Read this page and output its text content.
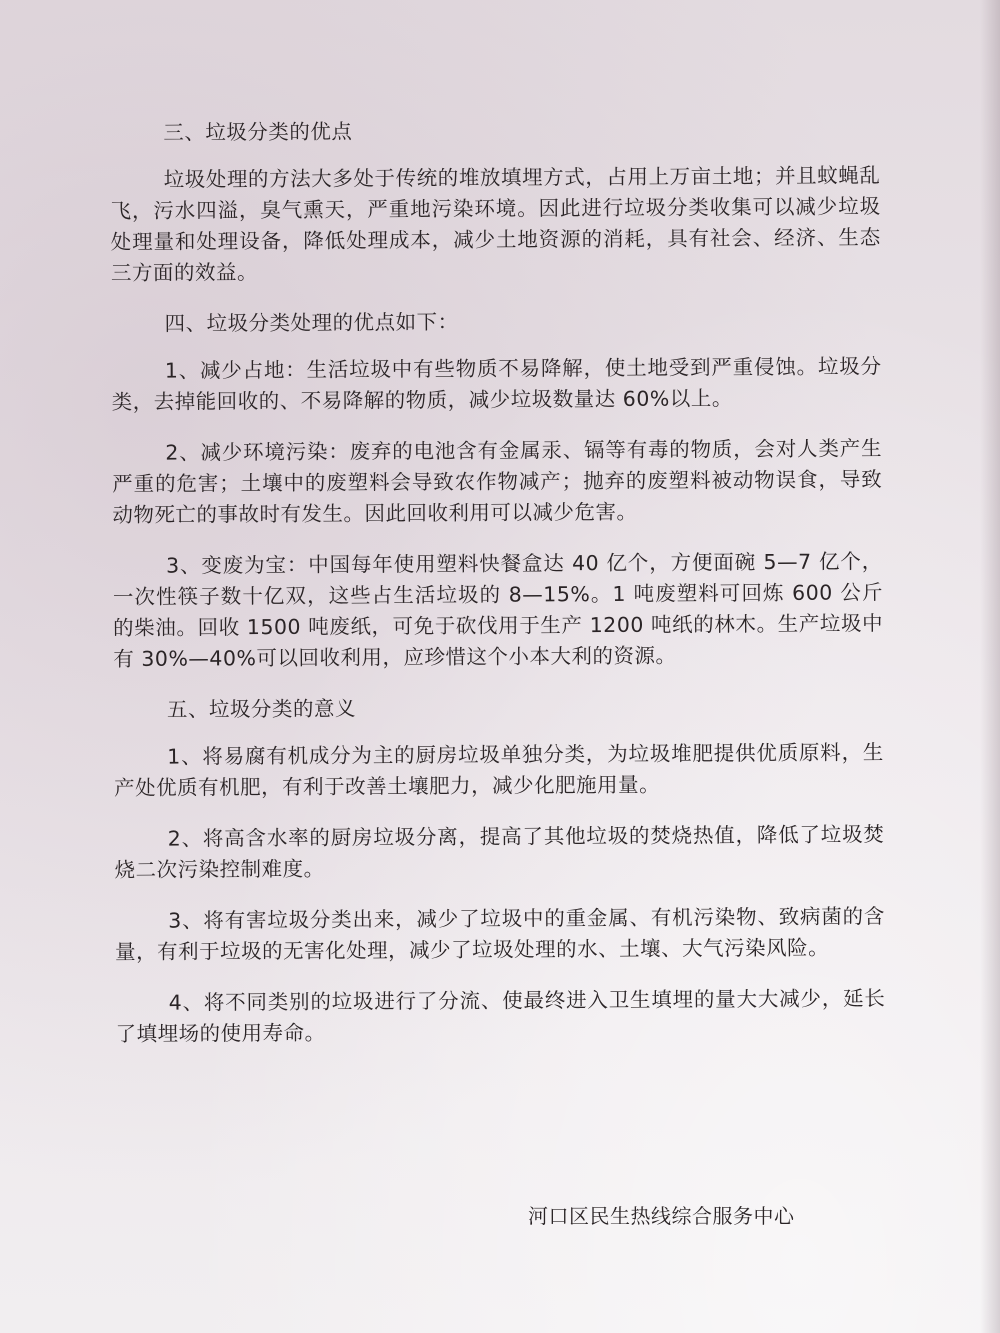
三、垃圾分类的优点

垃圾处理的方法大多处于传统的堆放填埋方式，占用上万亩土地；并且蚊蝇乱飞，污水四溢，臭气熏天，严重地污染环境。因此进行垃圾分类收集可以减少垃圾处理量和处理设备，降低处理成本，减少土地资源的消耗，具有社会、经济、生态三方面的效益。

四、垃圾分类处理的优点如下：

1、减少占地：生活垃圾中有些物质不易降解，使土地受到严重侵蚀。垃圾分类，去掉能回收的、不易降解的物质，减少垃圾数量达 60%以上。

2、减少环境污染：废弃的电池含有金属汞、镉等有毒的物质，会对人类产生严重的危害；土壤中的废塑料会导致农作物减产；抛弃的废塑料被动物误食，导致动物死亡的事故时有发生。因此回收利用可以减少危害。

3、变废为宝：中国每年使用塑料快餐盒达 40 亿个，方便面碗 5—7 亿个，一次性筷子数十亿双，这些占生活垃圾的 8—15%。1 吨废塑料可回炼 600 公斤的柴油。回收 1500 吨废纸，可免于砍伐用于生产 1200 吨纸的林木。生产垃圾中有 30%—40%可以回收利用，应珍惜这个小本大利的资源。

五、垃圾分类的意义

1、将易腐有机成分为主的厨房垃圾单独分类，为垃圾堆肥提供优质原料，生产处优质有机肥，有利于改善土壤肥力，减少化肥施用量。

2、将高含水率的厨房垃圾分离，提高了其他垃圾的焚烧热值，降低了垃圾焚烧二次污染控制难度。

3、将有害垃圾分类出来，减少了垃圾中的重金属、有机污染物、致病菌的含量，有利于垃圾的无害化处理，减少了垃圾处理的水、土壤、大气污染风险。

4、将不同类别的垃圾进行了分流、使最终进入卫生填埋的量大大减少，延长了填埋场的使用寿命。

河口区民生热线综合服务中心
